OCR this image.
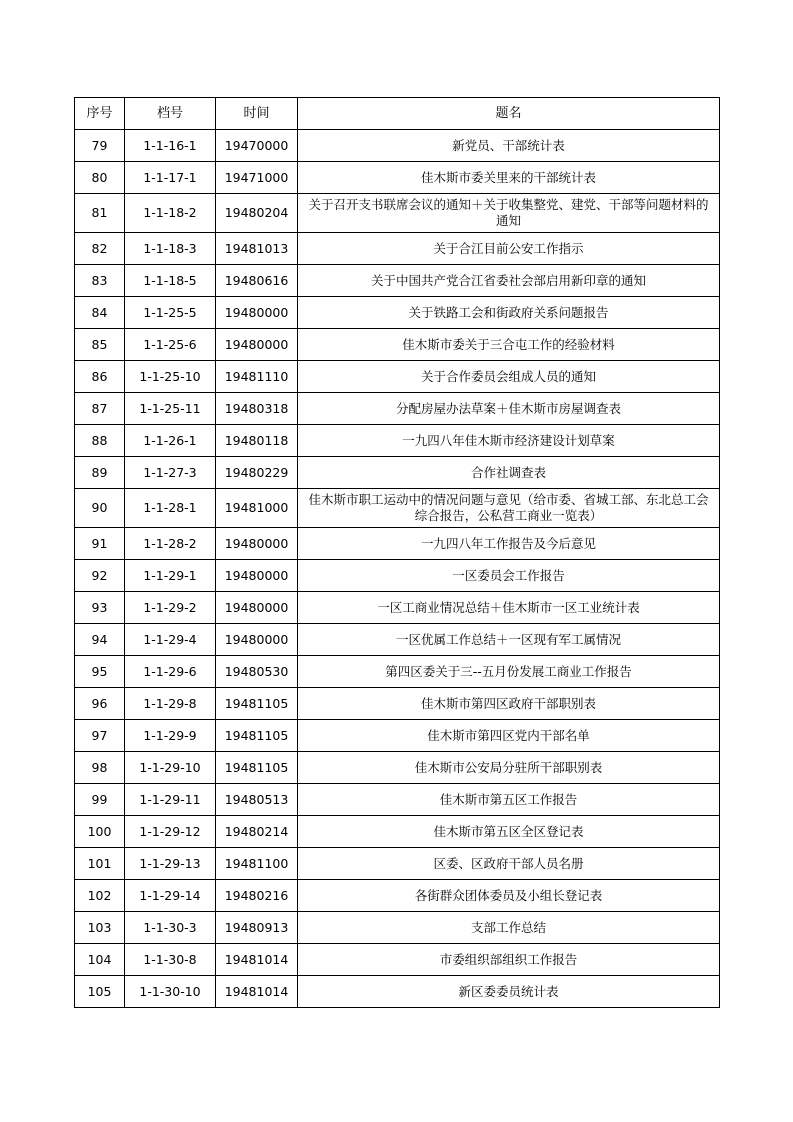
序号	档号	时间	题名
79	1-1-16-1	19470000	新党员、干部统计表
80	1-1-17-1	19471000	佳木斯市委关里来的干部统计表
81	1-1-18-2	19480204	关于召开支书联席会议的通知＋关于收集整党、建党、干部等问题材料的通知
82	1-1-18-3	19481013	关于合江目前公安工作指示
83	1-1-18-5	19480616	关于中国共产党合江省委社会部启用新印章的通知
84	1-1-25-5	19480000	关于铁路工会和街政府关系问题报告
85	1-1-25-6	19480000	佳木斯市委关于三合屯工作的经验材料
86	1-1-25-10	19481110	关于合作委员会组成人员的通知
87	1-1-25-11	19480318	分配房屋办法草案＋佳木斯市房屋调查表
88	1-1-26-1	19480118	一九四八年佳木斯市经济建设计划草案
89	1-1-27-3	19480229	合作社调查表
90	1-1-28-1	19481000	佳木斯市职工运动中的情况问题与意见（给市委、省城工部、东北总工会综合报告，公私营工商业一览表）
91	1-1-28-2	19480000	一九四八年工作报告及今后意见
92	1-1-29-1	19480000	一区委员会工作报告
93	1-1-29-2	19480000	一区工商业情况总结＋佳木斯市一区工业统计表
94	1-1-29-4	19480000	一区优属工作总结＋一区现有军工属情况
95	1-1-29-6	19480530	第四区委关于三--五月份发展工商业工作报告
96	1-1-29-8	19481105	佳木斯市第四区政府干部职别表
97	1-1-29-9	19481105	佳木斯市第四区党内干部名单
98	1-1-29-10	19481105	佳木斯市公安局分驻所干部职别表
99	1-1-29-11	19480513	佳木斯市第五区工作报告
100	1-1-29-12	19480214	佳木斯市第五区全区登记表
101	1-1-29-13	19481100	区委、区政府干部人员名册
102	1-1-29-14	19480216	各街群众团体委员及小组长登记表
103	1-1-30-3	19480913	支部工作总结
104	1-1-30-8	19481014	市委组织部组织工作报告
105	1-1-30-10	19481014	新区委委员统计表
